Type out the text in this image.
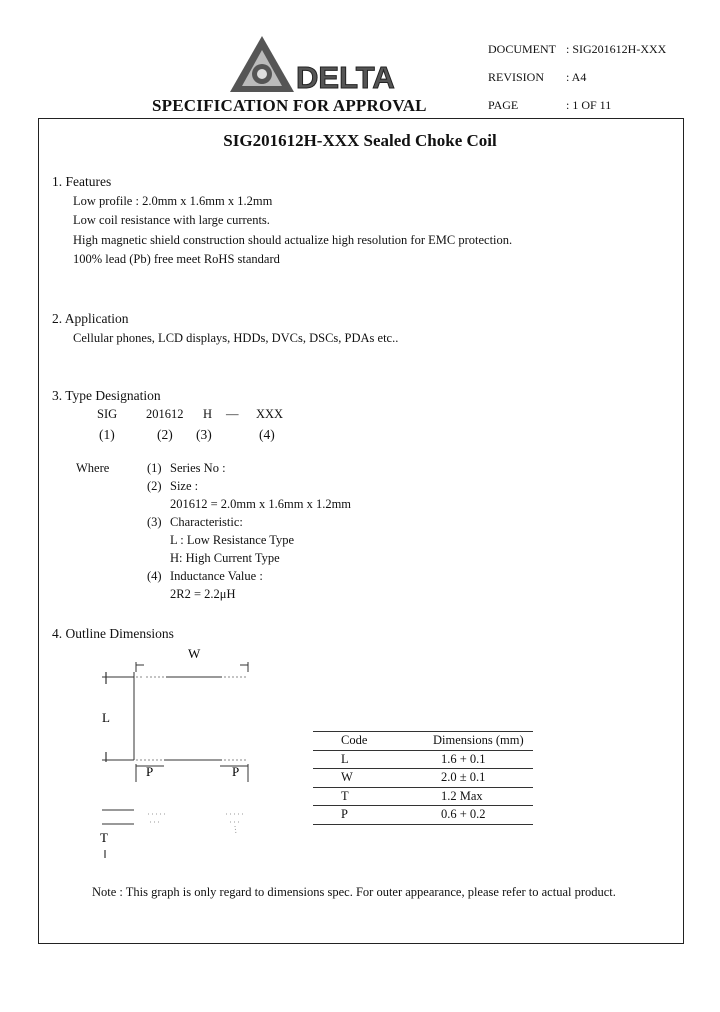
DELTA
SPECIFICATION FOR APPROVAL
DOCUMENT : SIG201612H-XXX
REVISION : A4
PAGE	: 1 OF 11
SIG201612H-XXX Sealed Choke Coil
1. Features
Low profile : 2.0mm x 1.6mm x 1.2mm
Low coil resistance with large currents.
High magnetic shield construction should actualize high resolution for EMC protection.
100% lead (Pb) free meet RoHS standard
2. Application
Cellular phones, LCD displays, HDDs, DVCs, DSCs, PDAs etc..
3. Type Designation
SIG 201612 H — XXX
(1)	(2) (3)	(4)
Where	(1) Series No :
(2) Size :
201612 = 2.0mm x 1.6mm x 1.2mm
(3) Characteristic:
L : Low Resistance Type
H: High Current Type
(4) Inductance Value :
2R2 = 2.2μH
4. Outline Dimensions
W
L
P	P
T
Code	Dimensions (mm)
L	1.6 + 0.1
W	2.0 ± 0.1
T	1.2 Max
P	0.6 + 0.2
Note : This graph is only regard to dimensions spec. For outer appearance, please refer to actual product.
